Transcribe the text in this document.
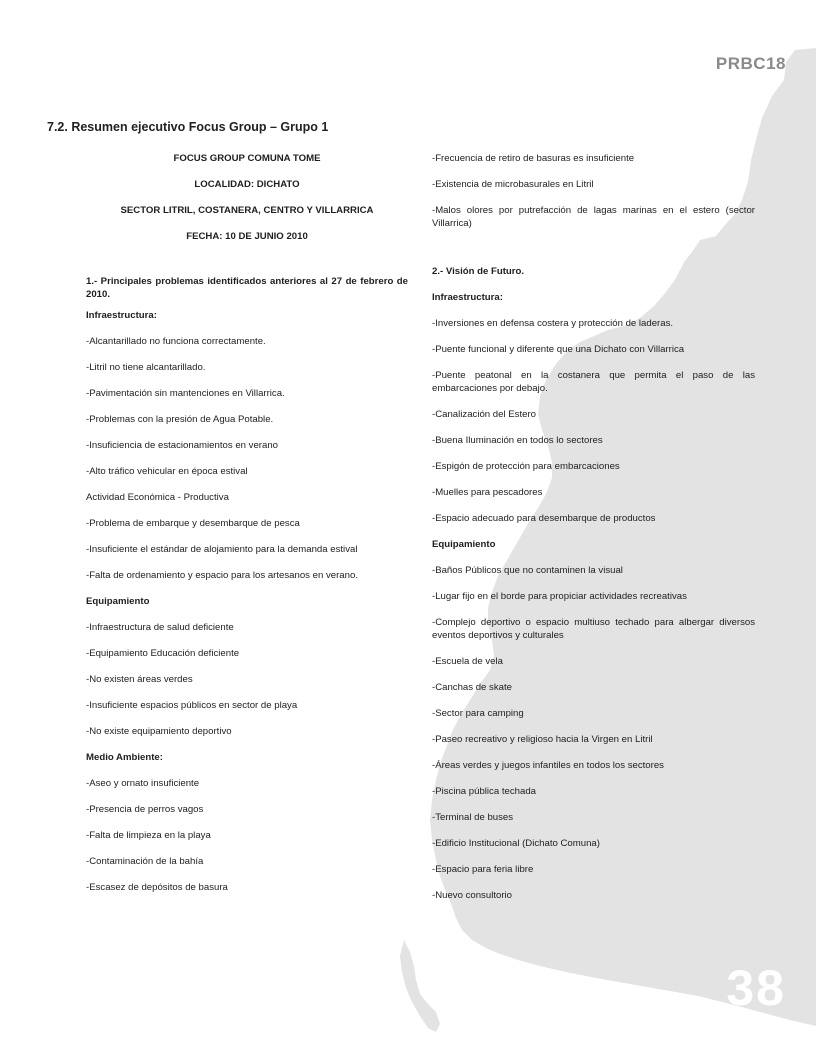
PRBC18
38
7.2. Resumen ejecutivo Focus Group – Grupo 1

FOCUS GROUP COMUNA TOME

LOCALIDAD: DICHATO

SECTOR LITRIL, COSTANERA, CENTRO Y VILLARRICA

FECHA: 10 DE JUNIO 2010

1.- Principales problemas identificados anteriores al 27 de febrero de 2010.

Infraestructura:

-Alcantarillado no funciona correctamente.

-Litril no tiene alcantarillado.

-Pavimentación sin mantenciones en Villarrica.

-Problemas con la presión de Agua Potable.

-Insuficiencia de estacionamientos en verano

-Alto tráfico vehicular en época estival

Actividad Económica - Productiva

-Problema de embarque y desembarque de pesca

-Insuficiente el estándar de alojamiento para la demanda estival

-Falta de ordenamiento y espacio para los artesanos en verano.

Equipamiento

-Infraestructura de salud deficiente

-Equipamiento Educación deficiente

-No existen áreas verdes

-Insuficiente espacios públicos en sector de playa

-No existe equipamiento deportivo

Medio Ambiente:

-Aseo y ornato insuficiente

-Presencia de perros vagos

-Falta de limpieza en la playa

-Contaminación de la bahía

-Escasez de depósitos de basura

-Frecuencia de retiro de basuras es insuficiente

-Existencia de microbasurales en Litril

-Malos olores por putrefacción de lagas marinas en el estero (sector Villarrica)

2.- Visión de Futuro.

Infraestructura:

-Inversiones en defensa costera y protección de laderas.

-Puente funcional y diferente que una Dichato con Villarrica

-Puente peatonal en la costanera que permita el paso de las embarcaciones por debajo.

-Canalización del Estero

-Buena Iluminación en todos lo sectores

-Espigón de protección para embarcaciones

-Muelles para pescadores

-Espacio adecuado para desembarque de productos

Equipamiento

-Baños Públicos que no contaminen la visual

-Lugar fijo en el borde para propiciar actividades recreativas

-Complejo deportivo o espacio multiuso techado para albergar diversos eventos deportivos y culturales

-Escuela de vela

-Canchas de skate

-Sector para camping

-Paseo recreativo y religioso hacia la Virgen en Litril

-Áreas verdes y juegos infantiles en todos los sectores

-Piscina pública techada

-Terminal de buses

-Edificio Institucional (Dichato Comuna)

-Espacio para feria libre

-Nuevo consultorio
